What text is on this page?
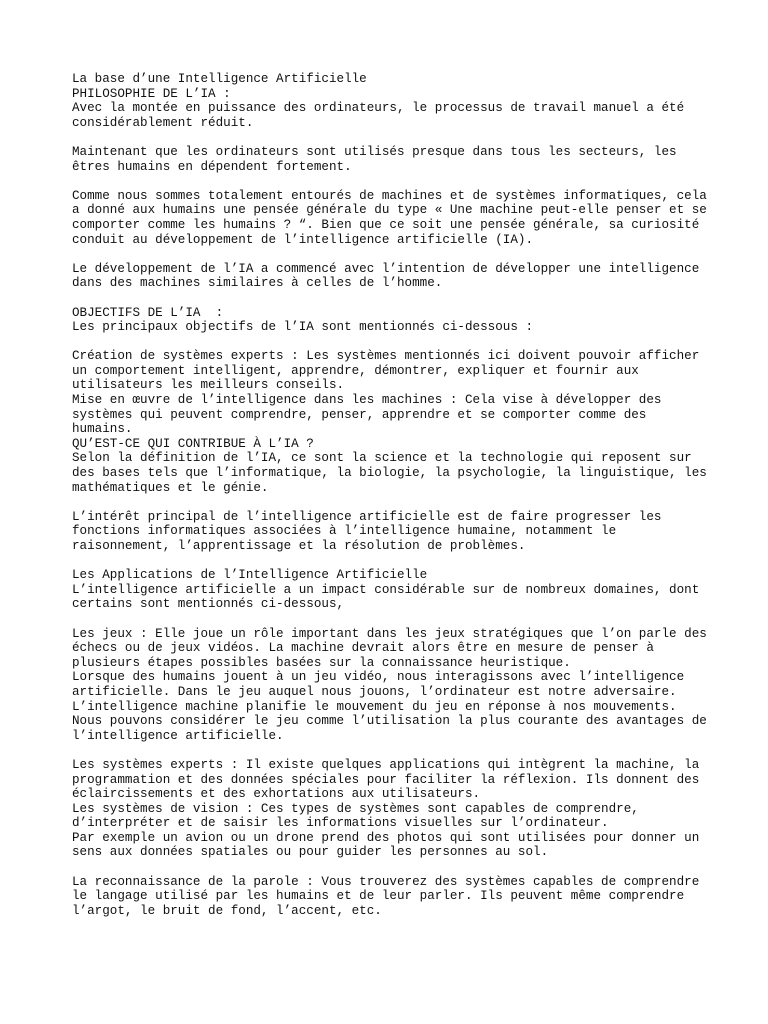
La base d’une Intelligence Artificielle
PHILOSOPHIE DE L’IA :
Avec la montée en puissance des ordinateurs, le processus de travail manuel a été considérablement réduit.
Maintenant que les ordinateurs sont utilisés presque dans tous les secteurs, les êtres humains en dépendent fortement.
Comme nous sommes totalement entourés de machines et de systèmes informatiques, cela a donné aux humains une pensée générale du type « Une machine peut-elle penser et se comporter comme les humains ? “. Bien que ce soit une pensée générale, sa curiosité conduit au développement de l’intelligence artificielle (IA).
Le développement de l’IA a commencé avec l’intention de développer une intelligence dans des machines similaires à celles de l’homme.
OBJECTIFS DE L’IA  :
Les principaux objectifs de l’IA sont mentionnés ci-dessous :
Création de systèmes experts : Les systèmes mentionnés ici doivent pouvoir afficher un comportement intelligent, apprendre, démontrer, expliquer et fournir aux utilisateurs les meilleurs conseils.
Mise en œuvre de l’intelligence dans les machines : Cela vise à développer des systèmes qui peuvent comprendre, penser, apprendre et se comporter comme des humains.
QU’EST-CE QUI CONTRIBUE À L’IA ?
Selon la définition de l’IA, ce sont la science et la technologie qui reposent sur des bases tels que l’informatique, la biologie, la psychologie, la linguistique, les mathématiques et le génie.
L’intérêt principal de l’intelligence artificielle est de faire progresser les fonctions informatiques associées à l’intelligence humaine, notamment le raisonnement, l’apprentissage et la résolution de problèmes.
Les Applications de l’Intelligence Artificielle
L’intelligence artificielle a un impact considérable sur de nombreux domaines, dont certains sont mentionnés ci-dessous,
Les jeux : Elle joue un rôle important dans les jeux stratégiques que l’on parle des échecs ou de jeux vidéos. La machine devrait alors être en mesure de penser à plusieurs étapes possibles basées sur la connaissance heuristique.
Lorsque des humains jouent à un jeu vidéo, nous interagissons avec l’intelligence artificielle. Dans le jeu auquel nous jouons, l’ordinateur est notre adversaire. L’intelligence machine planifie le mouvement du jeu en réponse à nos mouvements. Nous pouvons considérer le jeu comme l’utilisation la plus courante des avantages de l’intelligence artificielle.
Les systèmes experts : Il existe quelques applications qui intègrent la machine, la programmation et des données spéciales pour faciliter la réflexion. Ils donnent des éclaircissements et des exhortations aux utilisateurs.
Les systèmes de vision : Ces types de systèmes sont capables de comprendre, d’interpréter et de saisir les informations visuelles sur l’ordinateur.
Par exemple un avion ou un drone prend des photos qui sont utilisées pour donner un sens aux données spatiales ou pour guider les personnes au sol.
La reconnaissance de la parole : Vous trouverez des systèmes capables de comprendre le langage utilisé par les humains et de leur parler. Ils peuvent même comprendre l’argot, le bruit de fond, l’accent, etc.
